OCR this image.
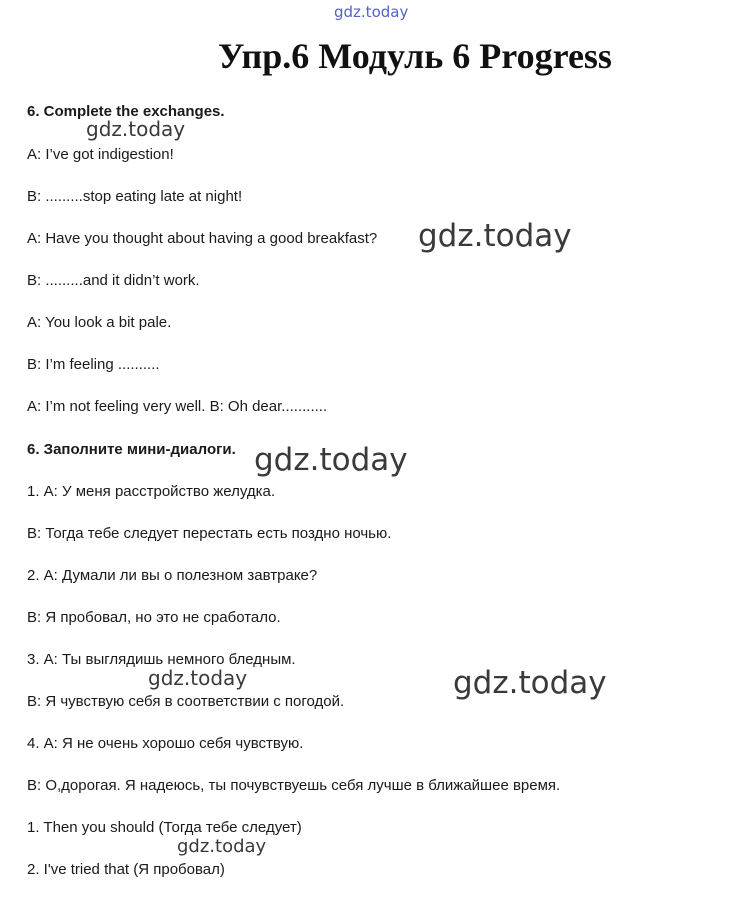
gdz.today
Упр.6 Модуль 6 Progress
6. Complete the exchanges.
gdz.today
A: I’ve got indigestion!
B: .........stop eating late at night!
A: Have you thought about having a good breakfast? gdz.today
B: .........and it didn’t work.
A: You look a bit pale.
B: I’m feeling ..........
A: I’m not feeling very well. B: Oh dear...........
6. Заполните мини-диалоги. gdz.today
1. А: У меня расстройство желудка.
В: Тогда тебе следует перестать есть поздно ночью.
2. А: Думали ли вы о полезном завтраке?
В: Я пробовал, но это не сработало.
3. А: Ты выглядишь немного бледным.
gdz.today	gdz.today
В: Я чувствую себя в соответствии с погодой.
4. А: Я не очень хорошо себя чувствую.
В: О,дорогая. Я надеюсь, ты почувствуешь себя лучше в ближайшее время.
1. Then you should (Тогда тебе следует)
gdz.today
2. I've tried that (Я пробовал)
